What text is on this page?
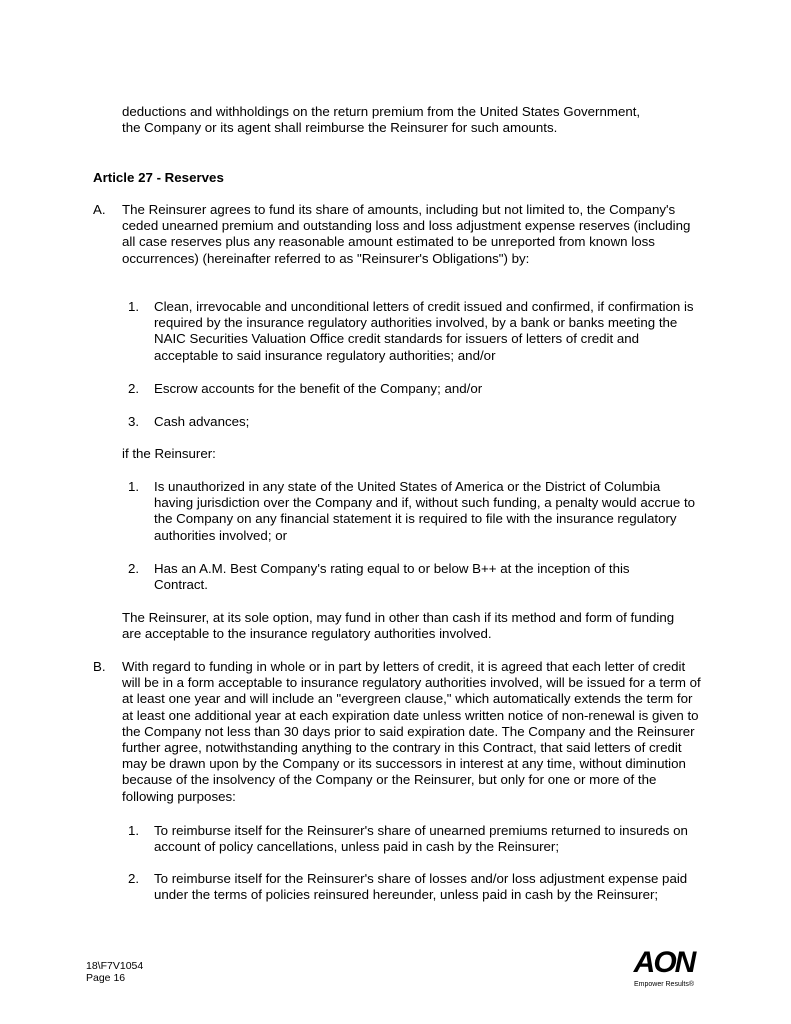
deductions and withholdings on the return premium from the United States Government,
the Company or its agent shall reimburse the Reinsurer for such amounts.
Article 27 - Reserves
A. The Reinsurer agrees to fund its share of amounts, including but not limited to, the Company's ceded unearned premium and outstanding loss and loss adjustment expense reserves (including all case reserves plus any reasonable amount estimated to be unreported from known loss occurrences) (hereinafter referred to as "Reinsurer's Obligations") by:
1. Clean, irrevocable and unconditional letters of credit issued and confirmed, if confirmation is required by the insurance regulatory authorities involved, by a bank or banks meeting the NAIC Securities Valuation Office credit standards for issuers of letters of credit and acceptable to said insurance regulatory authorities; and/or
2. Escrow accounts for the benefit of the Company; and/or
3. Cash advances;
if the Reinsurer:
1. Is unauthorized in any state of the United States of America or the District of Columbia having jurisdiction over the Company and if, without such funding, a penalty would accrue to the Company on any financial statement it is required to file with the insurance regulatory authorities involved; or
2. Has an A.M. Best Company's rating equal to or below B++ at the inception of this Contract.
The Reinsurer, at its sole option, may fund in other than cash if its method and form of funding are acceptable to the insurance regulatory authorities involved.
B. With regard to funding in whole or in part by letters of credit, it is agreed that each letter of credit will be in a form acceptable to insurance regulatory authorities involved, will be issued for a term of at least one year and will include an "evergreen clause," which automatically extends the term for at least one additional year at each expiration date unless written notice of non-renewal is given to the Company not less than 30 days prior to said expiration date. The Company and the Reinsurer further agree, notwithstanding anything to the contrary in this Contract, that said letters of credit may be drawn upon by the Company or its successors in interest at any time, without diminution because of the insolvency of the Company or the Reinsurer, but only for one or more of the following purposes:
1. To reimburse itself for the Reinsurer's share of unearned premiums returned to insureds on account of policy cancellations, unless paid in cash by the Reinsurer;
2. To reimburse itself for the Reinsurer's share of losses and/or loss adjustment expense paid under the terms of policies reinsured hereunder, unless paid in cash by the Reinsurer;
18\F7V1054
Page 16	AON
Empower Results®
